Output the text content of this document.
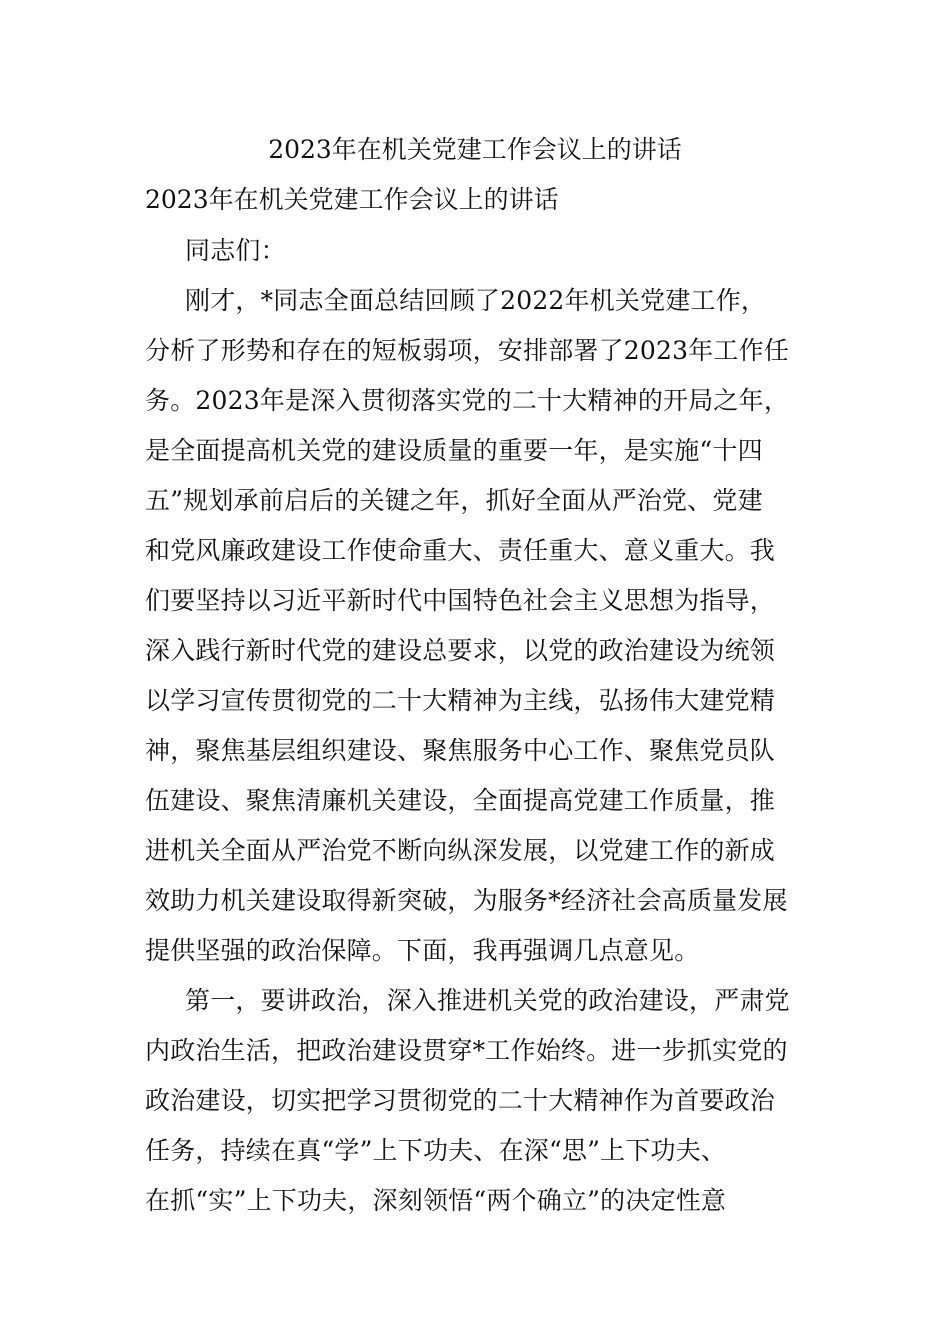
2023年在机关党建工作会议上的讲话
2023年在机关党建工作会议上的讲话
同志们：
刚才，*同志全面总结回顾了2022年机关党建工作，
分析了形势和存在的短板弱项，安排部署了2023年工作任
务。2023年是深入贯彻落实党的二十大精神的开局之年，
是全面提高机关党的建设质量的重要一年，是实施“十四
五”规划承前启后的关键之年，抓好全面从严治党、党建
和党风廉政建设工作使命重大、责任重大、意义重大。我
们要坚持以习近平新时代中国特色社会主义思想为指导，
深入践行新时代党的建设总要求，以党的政治建设为统领
以学习宣传贯彻党的二十大精神为主线，弘扬伟大建党精
神，聚焦基层组织建设、聚焦服务中心工作、聚焦党员队
伍建设、聚焦清廉机关建设，全面提高党建工作质量，推
进机关全面从严治党不断向纵深发展，以党建工作的新成
效助力机关建设取得新突破，为服务*经济社会高质量发展
提供坚强的政治保障。下面，我再强调几点意见。
第一，要讲政治，深入推进机关党的政治建设，严肃党
内政治生活，把政治建设贯穿*工作始终。进一步抓实党的
政治建设，切实把学习贯彻党的二十大精神作为首要政治
任务，持续在真“学”上下功夫、在深“思”上下功夫、
在抓“实”上下功夫，深刻领悟“两个确立”的决定性意
